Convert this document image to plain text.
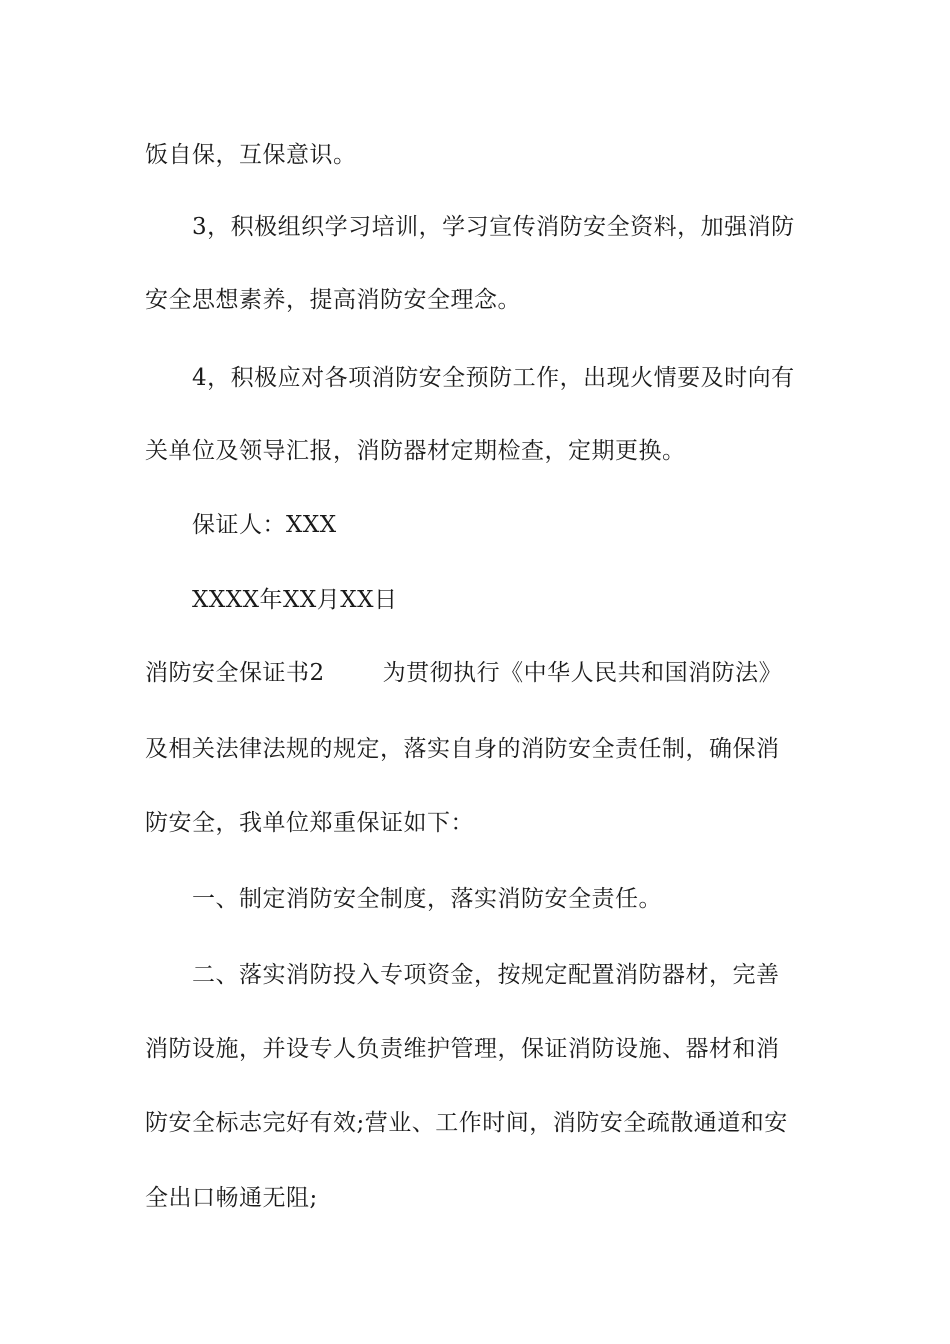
饭自保，互保意识。
3，积极组织学习培训，学习宣传消防安全资料，加强消防
安全思想素养，提高消防安全理念。
4，积极应对各项消防安全预防工作，出现火情要及时向有
关单位及领导汇报，消防器材定期检查，定期更换。
保证人：XXX
XXXX年XX月XX日
消防安全保证书2	为贯彻执行《中华人民共和国消防法》
及相关法律法规的规定，落实自身的消防安全责任制，确保消
防安全，我单位郑重保证如下：
一、制定消防安全制度，落实消防安全责任。
二、落实消防投入专项资金，按规定配置消防器材，完善
消防设施，并设专人负责维护管理，保证消防设施、器材和消
防安全标志完好有效;营业、工作时间，消防安全疏散通道和安
全出口畅通无阻;
